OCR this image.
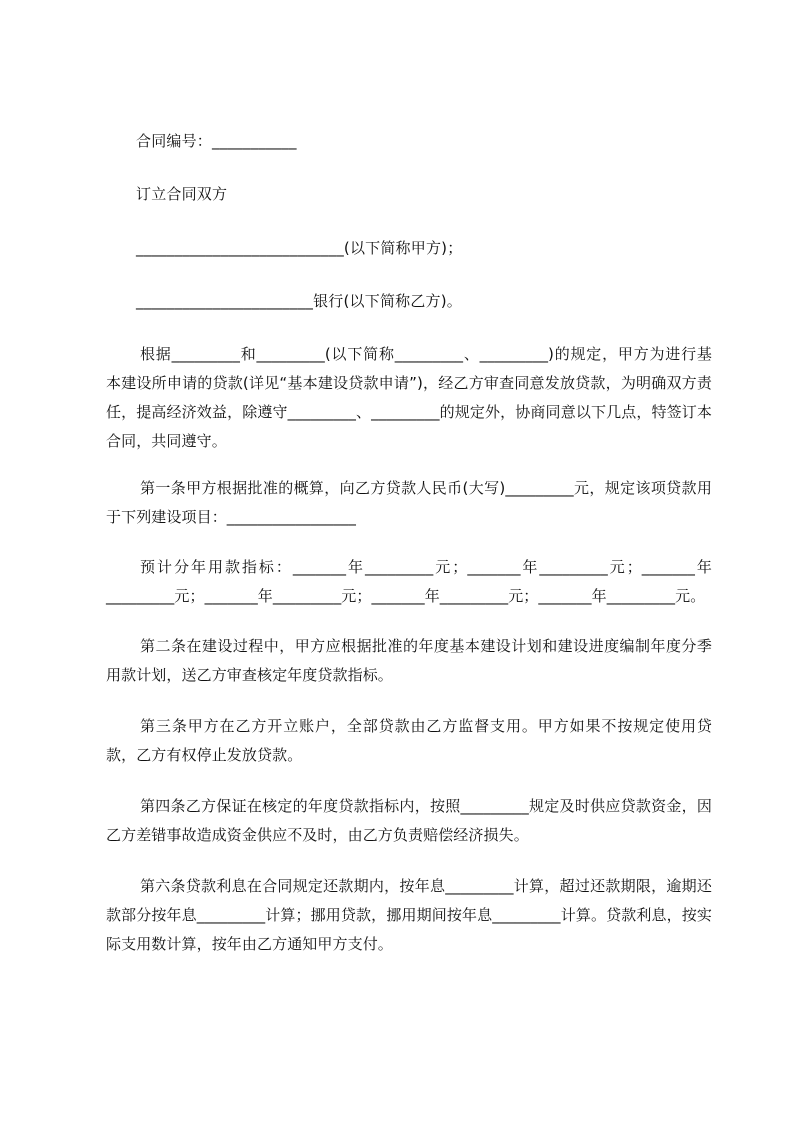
合同编号：___________
订立合同双方
___________________________(以下简称甲方)；
_______________________银行(以下简称乙方)。
根据_________和_________(以下简称_________、_________)的规定，甲方为进行基本建设所申请的贷款(详见“基本建设贷款申请”)，经乙方审查同意发放贷款，为明确双方责任，提高经济效益，除遵守_________、_________的规定外，协商同意以下几点，特签订本合同，共同遵守。
第一条甲方根据批准的概算，向乙方贷款人民币(大写)_________元，规定该项贷款用于下列建设项目：_________________
预计分年用款指标：_______年_________元；_______年_________元；_______年_________元；_______年_________元；_______年_________元；_______年_________元。
第二条在建设过程中，甲方应根据批准的年度基本建设计划和建设进度编制年度分季用款计划，送乙方审查核定年度贷款指标。
第三条甲方在乙方开立账户，全部贷款由乙方监督支用。甲方如果不按规定使用贷款，乙方有权停止发放贷款。
第四条乙方保证在核定的年度贷款指标内，按照_________规定及时供应贷款资金，因乙方差错事故造成资金供应不及时，由乙方负责赔偿经济损失。
第六条贷款利息在合同规定还款期内，按年息_________计算，超过还款期限，逾期还款部分按年息_________计算；挪用贷款，挪用期间按年息_________计算。贷款利息，按实际支用数计算，按年由乙方通知甲方支付。
